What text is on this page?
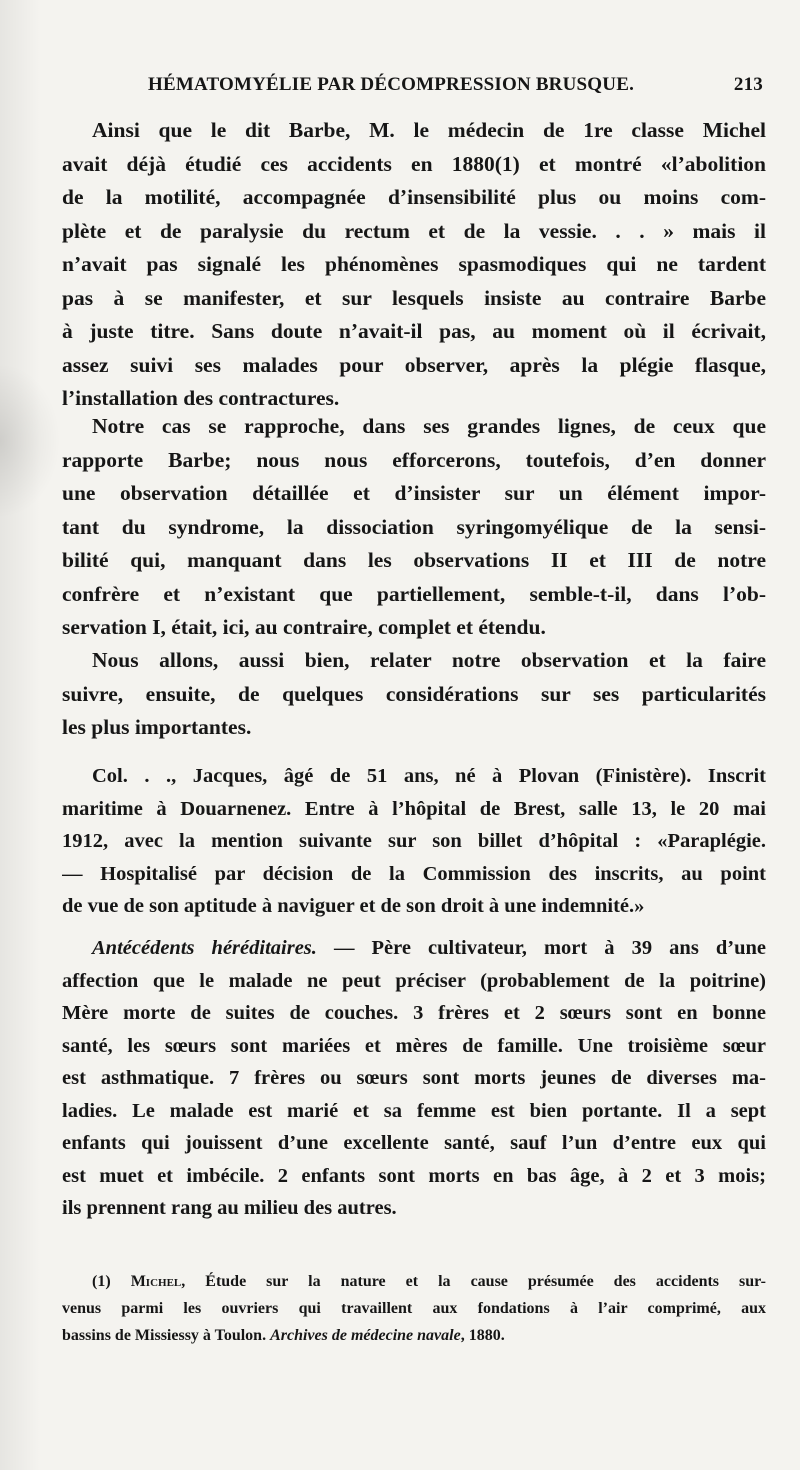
HÉMATOMYÉLIE PAR DÉCOMPRESSION BRUSQUE.	213
Ainsi que le dit Barbe, M. le médecin de 1re classe Michel
avait déjà étudié ces accidents en 1880(1) et montré «l’abolition
de la motilité, accompagnée d’insensibilité plus ou moins com-
plète et de paralysie du rectum et de la vessie. . . » mais il
n’avait pas signalé les phénomènes spasmodiques qui ne tardent
pas à se manifester, et sur lesquels insiste au contraire Barbe
à juste titre. Sans doute n’avait-il pas, au moment où il écrivait,
assez suivi ses malades pour observer, après la plégie flasque,
l’installation des contractures.
Notre cas se rapproche, dans ses grandes lignes, de ceux que
rapporte Barbe; nous nous efforcerons, toutefois, d’en donner
une observation détaillée et d’insister sur un élément impor-
tant du syndrome, la dissociation syringomyélique de la sensi-
bilité qui, manquant dans les observations II et III de notre
confrère et n’existant que partiellement, semble-t-il, dans l’ob-
servation I, était, ici, au contraire, complet et étendu.
Nous allons, aussi bien, relater notre observation et la faire
suivre, ensuite, de quelques considérations sur ses particularités
les plus importantes.
Col. . ., Jacques, âgé de 51 ans, né à Plovan (Finistère). Inscrit
maritime à Douarnenez. Entre à l’hôpital de Brest, salle 13, le 20 mai
1912, avec la mention suivante sur son billet d’hôpital : «Paraplégie.
— Hospitalisé par décision de la Commission des inscrits, au point
de vue de son aptitude à naviguer et de son droit à une indemnité.»
Antécédents héréditaires. — Père cultivateur, mort à 39 ans d’une
affection que le malade ne peut préciser (probablement de la poitrine)
Mère morte de suites de couches. 3 frères et 2 sœurs sont en bonne
santé, les sœurs sont mariées et mères de famille. Une troisième sœur
est asthmatique. 7 frères ou sœurs sont morts jeunes de diverses ma-
ladies. Le malade est marié et sa femme est bien portante. Il a sept
enfants qui jouissent d’une excellente santé, sauf l’un d’entre eux qui
est muet et imbécile. 2 enfants sont morts en bas âge, à 2 et 3 mois;
ils prennent rang au milieu des autres.
(1) Michel, Étude sur la nature et la cause présumée des accidents sur-
venus parmi les ouvriers qui travaillent aux fondations à l’air comprimé, aux
bassins de Missiessy à Toulon. Archives de médecine navale, 1880.
